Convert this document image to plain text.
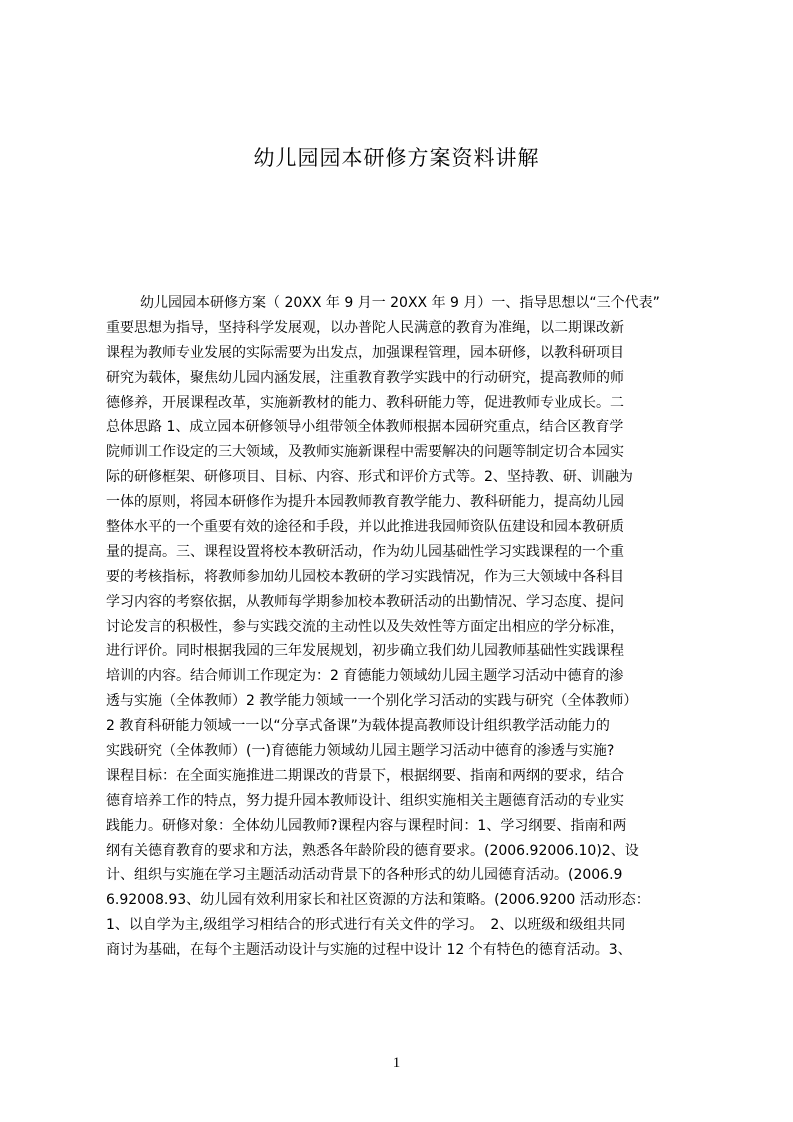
幼儿园园本研修方案资料讲解
幼儿园园本研修方案（ 20XX 年 9 月一 20XX 年 9 月）一、指导思想以“三个代表”
重要思想为指导，坚持科学发展观，以办普陀人民满意的教育为准绳，以二期课改新
课程为教师专业发展的实际需要为出发点，加强课程管理，园本研修，以教科研项目
研究为载体，聚焦幼儿园内涵发展，注重教育教学实践中的行动研究，提高教师的师
德修养，开展课程改革，实施新教材的能力、教科研能力等，促进教师专业成长。二
总体思路 1、成立园本研修领导小组带领全体教师根据本园研究重点，结合区教育学
院师训工作设定的三大领域，及教师实施新课程中需要解决的问题等制定切合本园实
际的研修框架、研修项目、目标、内容、形式和评价方式等。2、坚持教、研、训融为
一体的原则，将园本研修作为提升本园教师教育教学能力、教科研能力，提高幼儿园
整体水平的一个重要有效的途径和手段，并以此推进我园师资队伍建设和园本教研质
量的提高。三、课程设置将校本教研活动，作为幼儿园基础性学习实践课程的一个重
要的考核指标，将教师参加幼儿园校本教研的学习实践情况，作为三大领域中各科目
学习内容的考察依据，从教师每学期参加校本教研活动的出勤情况、学习态度、提问
讨论发言的积极性，参与实践交流的主动性以及失效性等方面定出相应的学分标准，
进行评价。同时根据我园的三年发展规划，初步确立我们幼儿园教师基础性实践课程
培训的内容。结合师训工作现定为：2 育德能力领域幼儿园主题学习活动中德育的渗
透与实施（全体教师）2 教学能力领域一一个别化学习活动的实践与研究（全体教师）
2 教育科研能力领域一一以“分享式备课”为载体提高教师设计组织教学活动能力的
实践研究（全体教师）(一)育德能力领域幼儿园主题学习活动中德育的渗透与实施?
课程目标：在全面实施推进二期课改的背景下，根据纲要、指南和两纲的要求，结合
德育培养工作的特点，努力提升园本教师设计、组织实施相关主题德育活动的专业实
践能力。研修对象：全体幼儿园教师?课程内容与课程时间：1、学习纲要、指南和两
纲有关德育教育的要求和方法，熟悉各年龄阶段的德育要求。(2006.92006.10)2、设
计、组织与实施在学习主题活动活动背景下的各种形式的幼儿园德育活动。(2006.9
6.92008.93、幼儿园有效利用家长和社区资源的方法和策略。(2006.9200 活动形态：
1、以自学为主,级组学习相结合的形式进行有关文件的学习。　2、以班级和级组共同
商讨为基础，在每个主题活动设计与实施的过程中设计 12 个有特色的德育活动。3、
1
